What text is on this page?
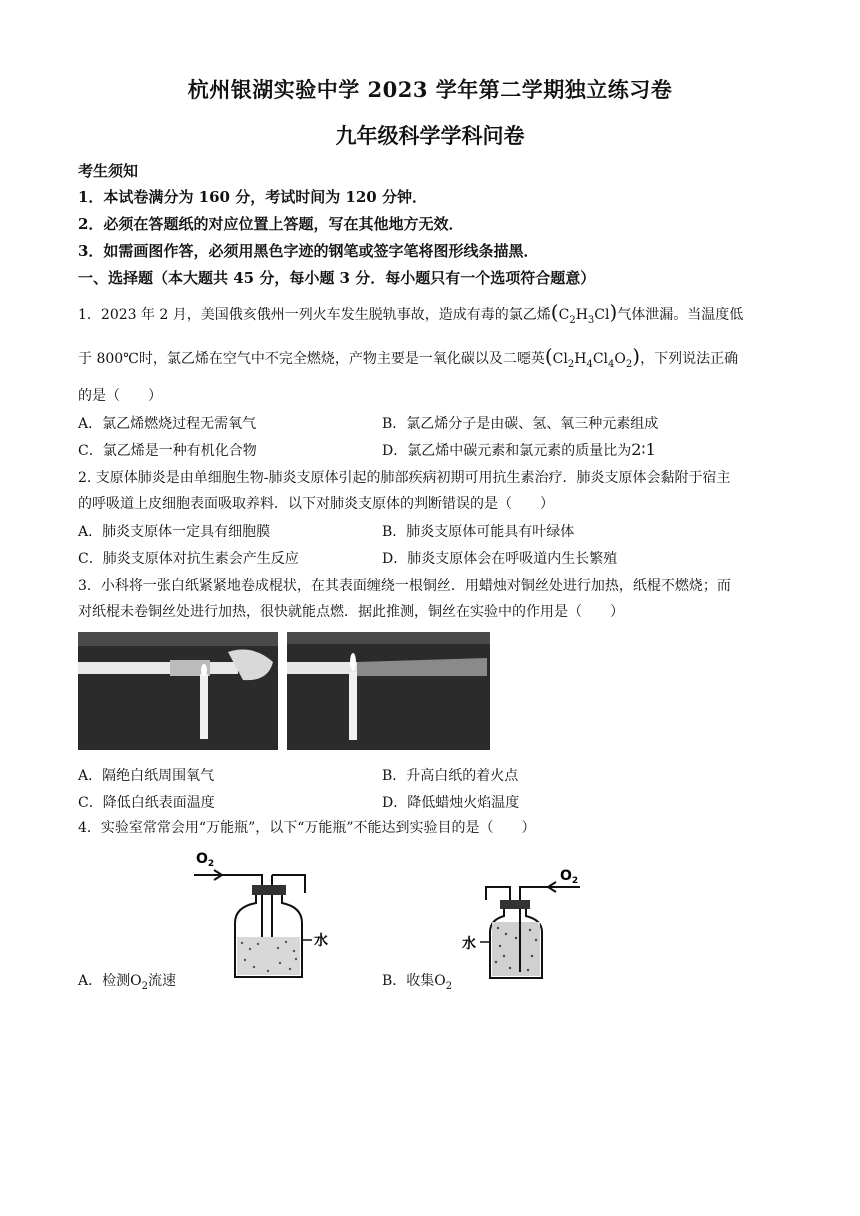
杭州银湖实验中学 2023 学年第二学期独立练习卷
九年级科学学科问卷
考生须知
1．本试卷满分为 160 分，考试时间为 120 分钟．
2．必须在答题纸的对应位置上答题，写在其他地方无效．
3．如需画图作答，必须用黑色字迹的钢笔或签字笔将图形线条描黑．
一、选择题（本大题共 45 分，每小题 3 分．每小题只有一个选项符合题意）
1．2023 年 2 月，美国俄亥俄州一列火车发生脱轨事故，造成有毒的氯乙烯$(C_2H_3Cl)$气体泄漏。当温度低
于 800℃时，氯乙烯在空气中不完全燃烧，产物主要是一氧化碳以及二噁英$(Cl_2H_4Cl_4O_2)$，下列说法正确
的是（　　）
A．氯乙烯燃烧过程无需氧气	B．氯乙烯分子是由碳、氢、氧三种元素组成
C．氯乙烯是一种有机化合物	D．氯乙烯中碳元素和氯元素的质量比为2∶1
2. 支原体肺炎是由单细胞生物-肺炎支原体引起的肺部疾病初期可用抗生素治疗．肺炎支原体会黏附于宿主
的呼吸道上皮细胞表面吸取养料．以下对肺炎支原体的判断错误的是（　　）
A．肺炎支原体一定具有细胞膜	B．肺炎支原体可能具有叶绿体
C．肺炎支原体对抗生素会产生反应	D．肺炎支原体会在呼吸道内生长繁殖
3．小科将一张白纸紧紧地卷成棍状，在其表面缠绕一根铜丝．用蜡烛对铜丝处进行加热，纸棍不燃烧；而
对纸棍未卷铜丝处进行加热，很快就能点燃．据此推测，铜丝在实验中的作用是（　　）
A．隔绝白纸周围氧气	B．升高白纸的着火点
C．降低白纸表面温度	D．降低蜡烛火焰温度
4．实验室常常会用“万能瓶”，以下“万能瓶”不能达到实验目的是（　　）
$O_2$
水
$O_2$
水
A．检测$O_2$流速	B．收集$O_2$
